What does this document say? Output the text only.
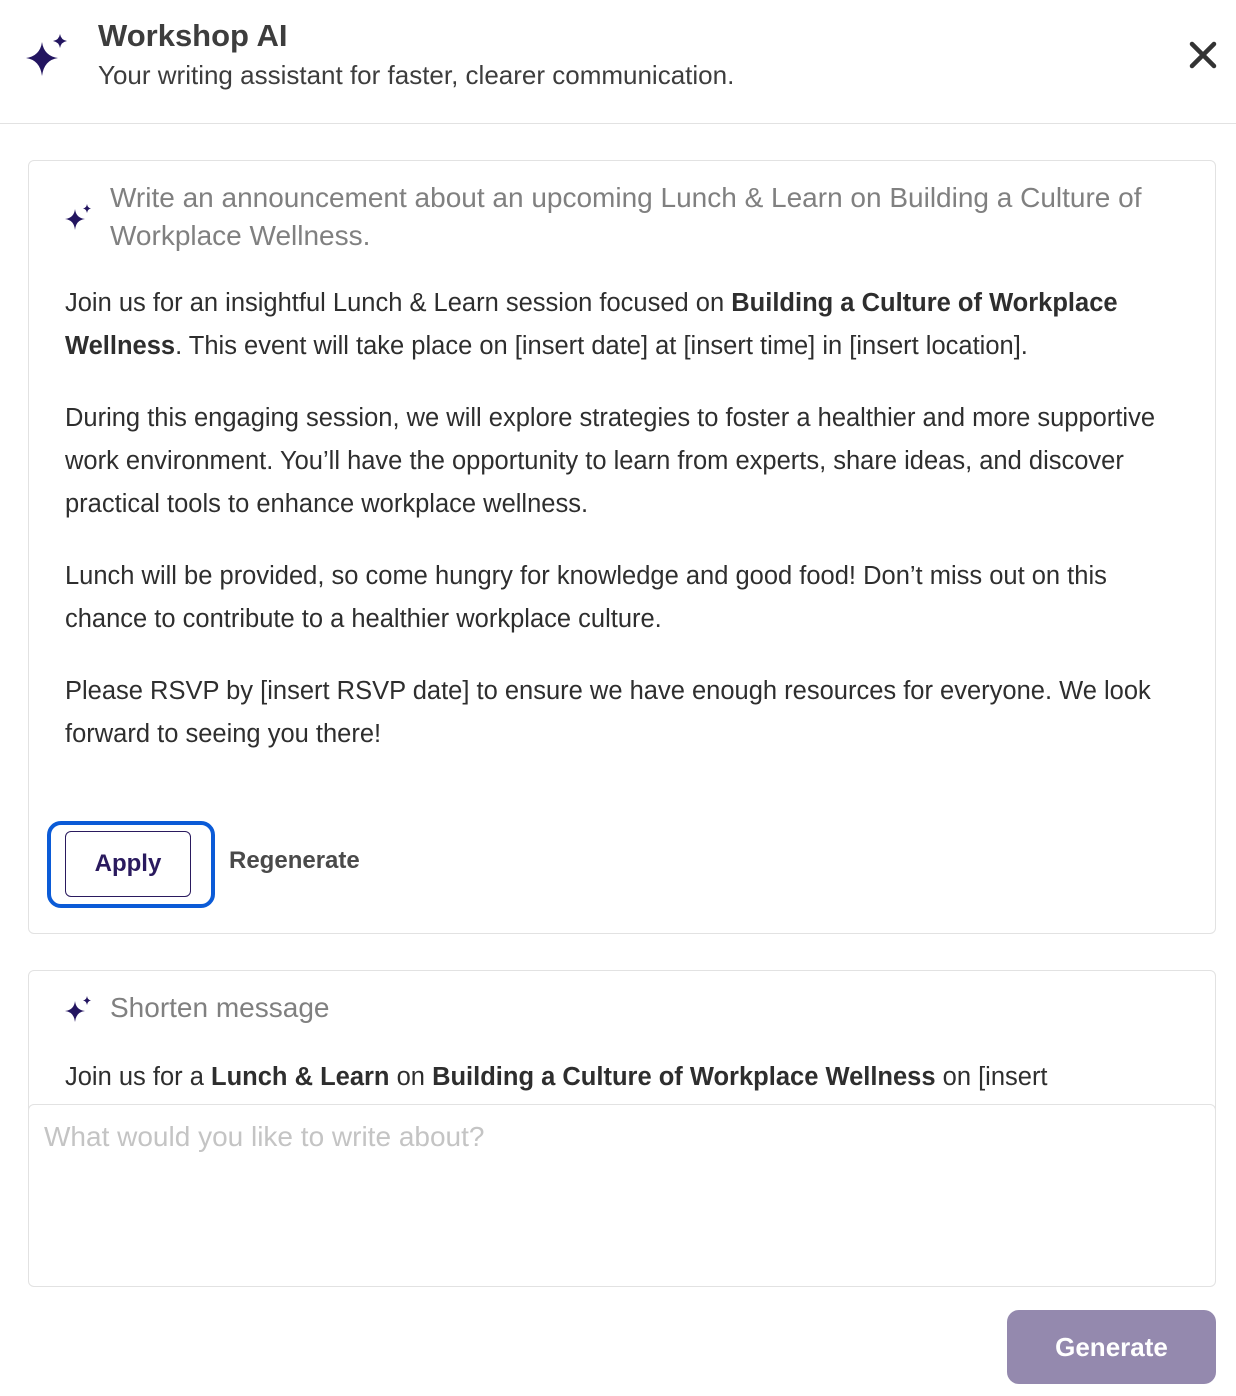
Workshop AI
Your writing assistant for faster, clearer communication.
Write an announcement about an upcoming Lunch & Learn on Building a Culture of Workplace Wellness.

Join us for an insightful Lunch & Learn session focused on Building a Culture of Workplace Wellness. This event will take place on [insert date] at [insert time] in [insert location].

During this engaging session, we will explore strategies to foster a healthier and more supportive work environment. You’ll have the opportunity to learn from experts, share ideas, and discover practical tools to enhance workplace wellness.

Lunch will be provided, so come hungry for knowledge and good food! Don’t miss out on this chance to contribute to a healthier workplace culture.

Please RSVP by [insert RSVP date] to ensure we have enough resources for everyone. We look forward to seeing you there!

Apply	Regenerate
Shorten message

Join us for a Lunch & Learn on Building a Culture of Workplace Wellness on [insert

What would you like to write about?
Generate
